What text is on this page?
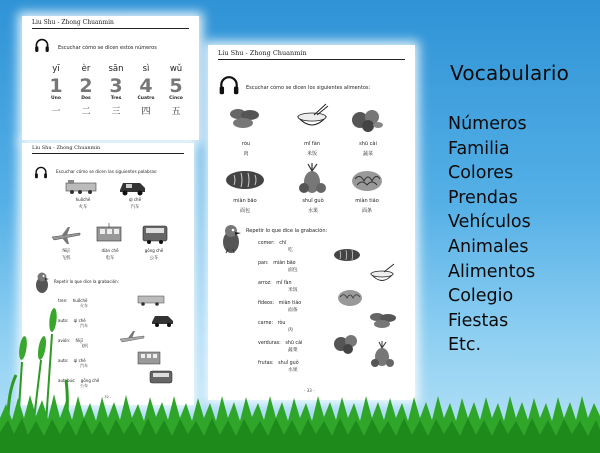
Liu Shu - Zhong Chuanmin
Escuchar cómo se dicen estos números
yī
1
Uno
一
èr
2
Dos
二
sān
3
Tres
三
sì
4
Cuatro
四
wǔ
5
Cinco
五
Liu Shu - Zhong Chuanmin
Escuchar cómo se dicen las siguientes palabras:
huǒchē
火车
qì chē
汽车
fēijī
飞机
diàn chē
电车
gōng chē
公车
Repetir lo que dice la grabación:
tren: huǒchē
火车
auto: qì chē
汽车
avión: fēijī
飞机
auto: qì chē
汽车
autobús: gōng chē
公车
- 32 -
Liu Shu - Zhong Chuanmin
Escuchar cómo se dicen los siguientes alimentos:
ròu
肉
mǐ fàn
米饭
shū cài
蔬菜
miàn bāo
面包
shuǐ guǒ
水果
miàn tiáo
面条
Repetir lo que dice la grabación:
comer: chī
吃
pan: miàn bāo
面包
arroz: mǐ fàn
米饭
fideos: miàn tiáo
面条
carne: ròu
肉
verduras: shū cài
蔬菜
frutas: shuǐ guǒ
水果
- 33 -
Vocabulario
Números
Familia
Colores
Prendas
Vehículos
Animales
Alimentos
Colegio
Fiestas
Etc.
